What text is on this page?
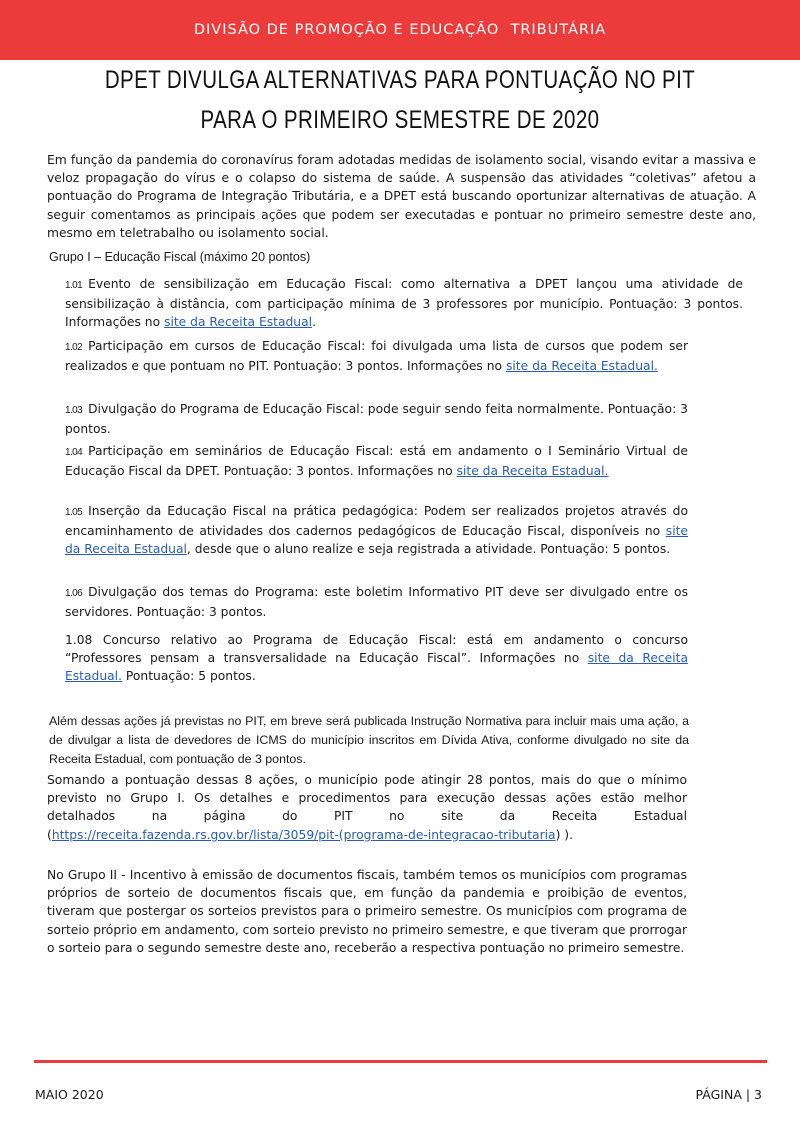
DIVISÃO DE PROMOÇÃO E EDUCAÇÃO  TRIBUTÁRIA
DPET DIVULGA ALTERNATIVAS PARA PONTUAÇÃO NO PIT
PARA O PRIMEIRO SEMESTRE DE 2020

Em função da pandemia do coronavírus foram adotadas medidas de isolamento social, visando evitar a massiva e veloz propagação do vírus e o colapso do sistema de saúde. A suspensão das atividades “coletivas” afetou a pontuação do Programa de Integração Tributária, e a DPET está buscando oportunizar alternativas de atuação. A seguir comentamos as principais ações que podem ser executadas e pontuar no primeiro semestre deste ano, mesmo em teletrabalho ou isolamento social.

Grupo I – Educação Fiscal (máximo 20 pontos)

1.01 Evento de sensibilização em Educação Fiscal: como alternativa a DPET lançou uma atividade de sensibilização à distância, com participação mínima de 3 professores por município. Pontuação: 3 pontos. Informações no site da Receita Estadual.

1.02 Participação em cursos de Educação Fiscal: foi divulgada uma lista de cursos que podem ser realizados e que pontuam no PIT. Pontuação: 3 pontos. Informações no site da Receita Estadual.

1.03 Divulgação do Programa de Educação Fiscal: pode seguir sendo feita normalmente. Pontuação: 3 pontos.

1.04 Participação em seminários de Educação Fiscal: está em andamento o I Seminário Virtual de Educação Fiscal da DPET. Pontuação: 3 pontos. Informações no site da Receita Estadual.

1.05 Inserção da Educação Fiscal na prática pedagógica: Podem ser realizados projetos através do encaminhamento de atividades dos cadernos pedagógicos de Educação Fiscal, disponíveis no site da Receita Estadual, desde que o aluno realize e seja registrada a atividade. Pontuação: 5 pontos.

1.06 Divulgação dos temas do Programa: este boletim Informativo PIT deve ser divulgado entre os servidores. Pontuação: 3 pontos.

1.08 Concurso relativo ao Programa de Educação Fiscal: está em andamento o concurso “Professores pensam a transversalidade na Educação Fiscal”. Informações no site da Receita Estadual. Pontuação: 5 pontos.

Além dessas ações já previstas no PIT, em breve será publicada Instrução Normativa para incluir mais uma ação, a de divulgar a lista de devedores de ICMS do município inscritos em Dívida Ativa, conforme divulgado no site da Receita Estadual, com pontuação de 3 pontos.

Somando a pontuação dessas 8 ações, o município pode atingir 28 pontos, mais do que o mínimo previsto no Grupo I. Os detalhes e procedimentos para execução dessas ações estão melhor detalhados na página do PIT no site da Receita Estadual (https://receita.fazenda.rs.gov.br/lista/3059/pit-(programa-de-integracao-tributaria) ).

No Grupo II - Incentivo à emissão de documentos fiscais, também temos os municípios com programas próprios de sorteio de documentos fiscais que, em função da pandemia e proibição de eventos, tiveram que postergar os sorteios previstos para o primeiro semestre. Os municípios com programa de sorteio próprio em andamento, com sorteio previsto no primeiro semestre, e que tiveram que prorrogar o sorteio para o segundo semestre deste ano, receberão a respectiva pontuação no primeiro semestre.

MAIO 2020	PÁGINA | 3
